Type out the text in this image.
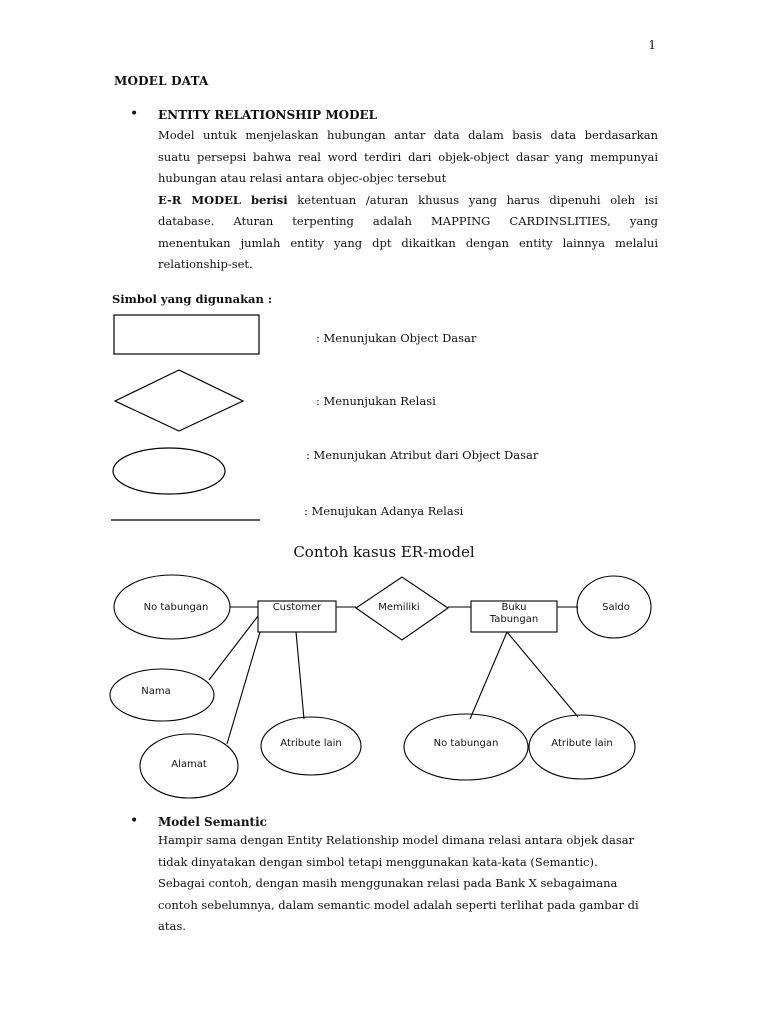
1
MODEL DATA
• ENTITY RELATIONSHIP MODEL
Model untuk menjelaskan hubungan antar data dalam basis data berdasarkan
suatu persepsi bahwa real word terdiri dari objek-object dasar yang mempunyai
hubungan atau relasi antara objec-objec tersebut
E-R MODEL berisi ketentuan /aturan khusus yang harus dipenuhi oleh isi
database. Aturan terpenting adalah MAPPING CARDINSLITIES, yang
menentukan jumlah entity yang dpt dikaitkan dengan entity lainnya melalui
relationship-set.
Simbol yang digunakan :
: Menunjukan Object Dasar
: Menunjukan Relasi
: Menunjukan Atribut dari Object Dasar
: Menujukan Adanya Relasi
Contoh kasus ER-model
No tabungan	Customer	Memiliki	Buku
Tabungan
Saldo
Nama
Alamat
Atribute lain	No tabungan	Atribute lain
• Model Semantic
Hampir sama dengan Entity Relationship model dimana relasi antara objek dasar
tidak dinyatakan dengan simbol tetapi menggunakan kata-kata (Semantic).
Sebagai contoh, dengan masih menggunakan relasi pada Bank X sebagaimana
contoh sebelumnya, dalam semantic model adalah seperti terlihat pada gambar di
atas.
